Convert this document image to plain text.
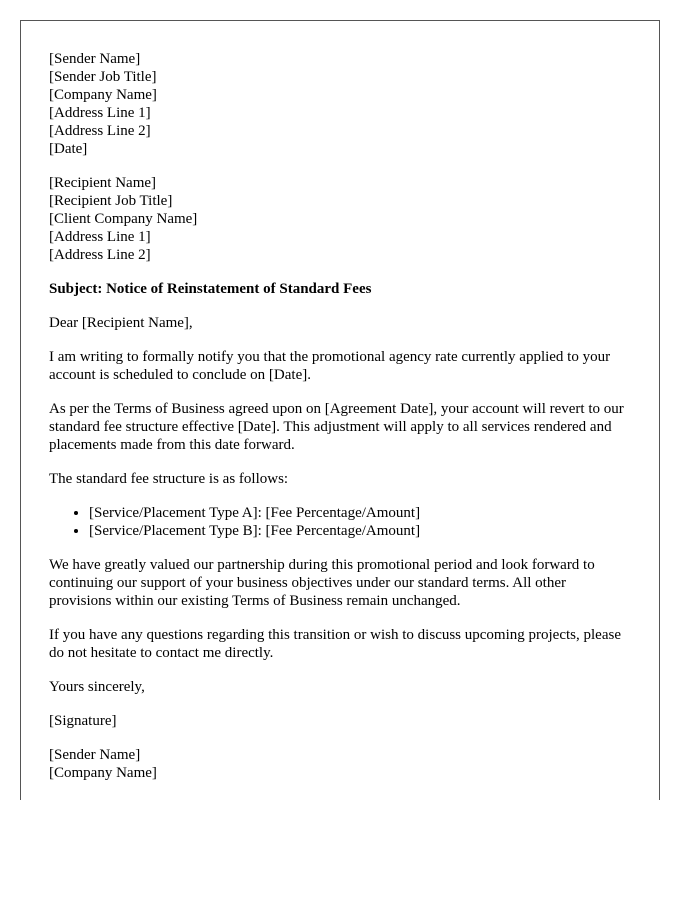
[Sender Name]
[Sender Job Title]
[Company Name]
[Address Line 1]
[Address Line 2]
[Date]
[Recipient Name]
[Recipient Job Title]
[Client Company Name]
[Address Line 1]
[Address Line 2]

Subject: Notice of Reinstatement of Standard Fees

Dear [Recipient Name],

I am writing to formally notify you that the promotional agency rate currently applied to your account is scheduled to conclude on [Date].

As per the Terms of Business agreed upon on [Agreement Date], your account will revert to our standard fee structure effective [Date]. This adjustment will apply to all services rendered and placements made from this date forward.

The standard fee structure is as follows:

• [Service/Placement Type A]: [Fee Percentage/Amount]
• [Service/Placement Type B]: [Fee Percentage/Amount]

We have greatly valued our partnership during this promotional period and look forward to continuing our support of your business objectives under our standard terms. All other provisions within our existing Terms of Business remain unchanged.

If you have any questions regarding this transition or wish to discuss upcoming projects, please do not hesitate to contact me directly.

Yours sincerely,

[Signature]

[Sender Name]
[Company Name]
